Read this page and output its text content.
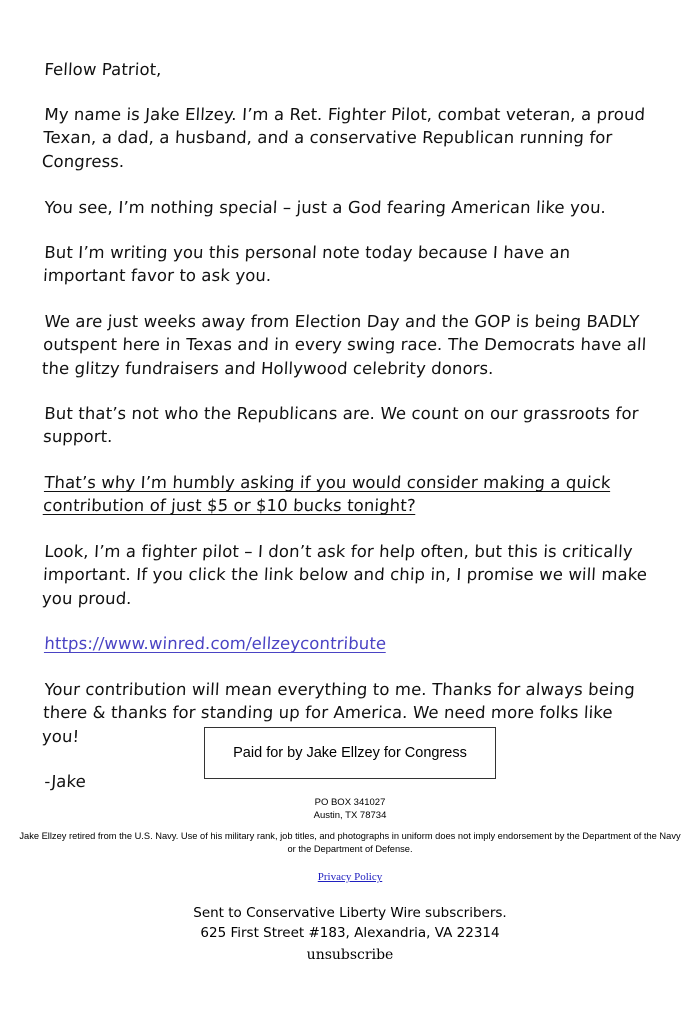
Fellow Patriot,

My name is Jake Ellzey. I’m a Ret. Fighter Pilot, combat veteran, a proud Texan, a dad, a husband, and a conservative Republican running for Congress.

You see, I’m nothing special – just a God fearing American like you.

But I’m writing you this personal note today because I have an important favor to ask you.

We are just weeks away from Election Day and the GOP is being BADLY outspent here in Texas and in every swing race. The Democrats have all the glitzy fundraisers and Hollywood celebrity donors.

But that’s not who the Republicans are. We count on our grassroots for support.

That’s why I’m humbly asking if you would consider making a quick contribution of just $5 or $10 bucks tonight?

Look, I’m a fighter pilot – I don’t ask for help often, but this is critically important. If you click the link below and chip in, I promise we will make you proud.

https://www.winred.com/ellzeycontribute

Your contribution will mean everything to me. Thanks for always being there & thanks for standing up for America. We need more folks like you!

-Jake

Paid for by Jake Ellzey for Congress
PO BOX 341027
Austin, TX 78734
Jake Ellzey retired from the U.S. Navy. Use of his military rank, job titles, and photographs in uniform does not imply endorsement by the Department of the Navy or the Department of Defense.
Privacy Policy
Sent to Conservative Liberty Wire subscribers.
625 First Street #183, Alexandria, VA 22314
unsubscribe
